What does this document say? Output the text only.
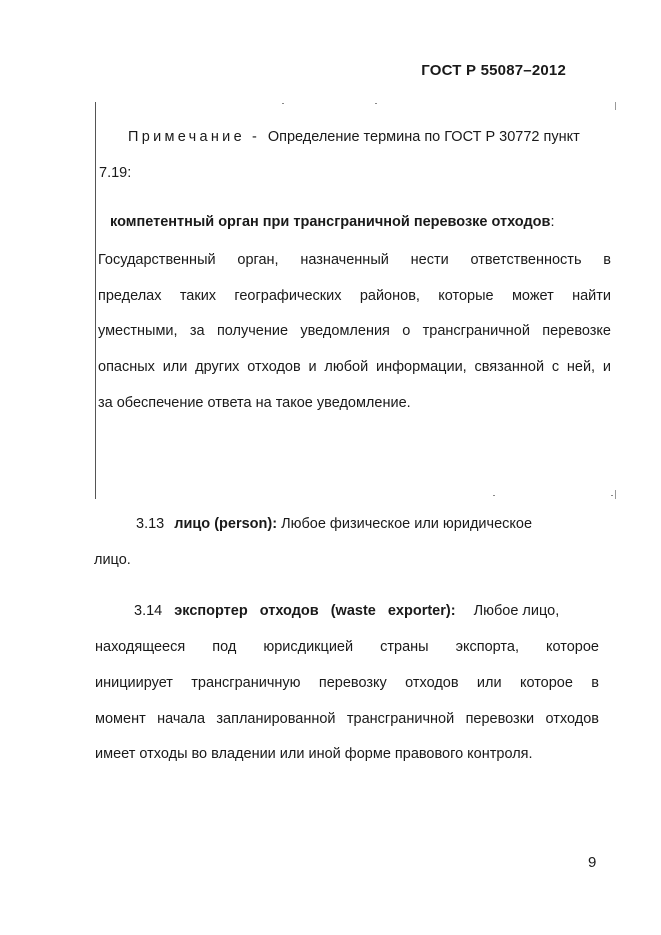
ГОСТ Р 55087–2012
Примечание - Определение термина по ГОСТ Р 30772 пункт
7.19:
компетентный орган при трансграничной перевозке отходов:
Государственный орган, назначенный нести ответственность в
пределах таких географических районов, которые может найти
уместными, за получение уведомления о трансграничной перевозке
опасных или других отходов и любой информации, связанной с ней, и
за обеспечение ответа на такое уведомление.
3.13 лицо (person): Любое физическое или юридическое
лицо.
3.14 экспортер отходов (waste exporter): Любое лицо,
находящееся под юрисдикцией страны экспорта, которое
инициирует трансграничную перевозку отходов или которое в
момент начала запланированной трансграничной перевозки отходов
имеет отходы во владении или иной форме правового контроля.
9
